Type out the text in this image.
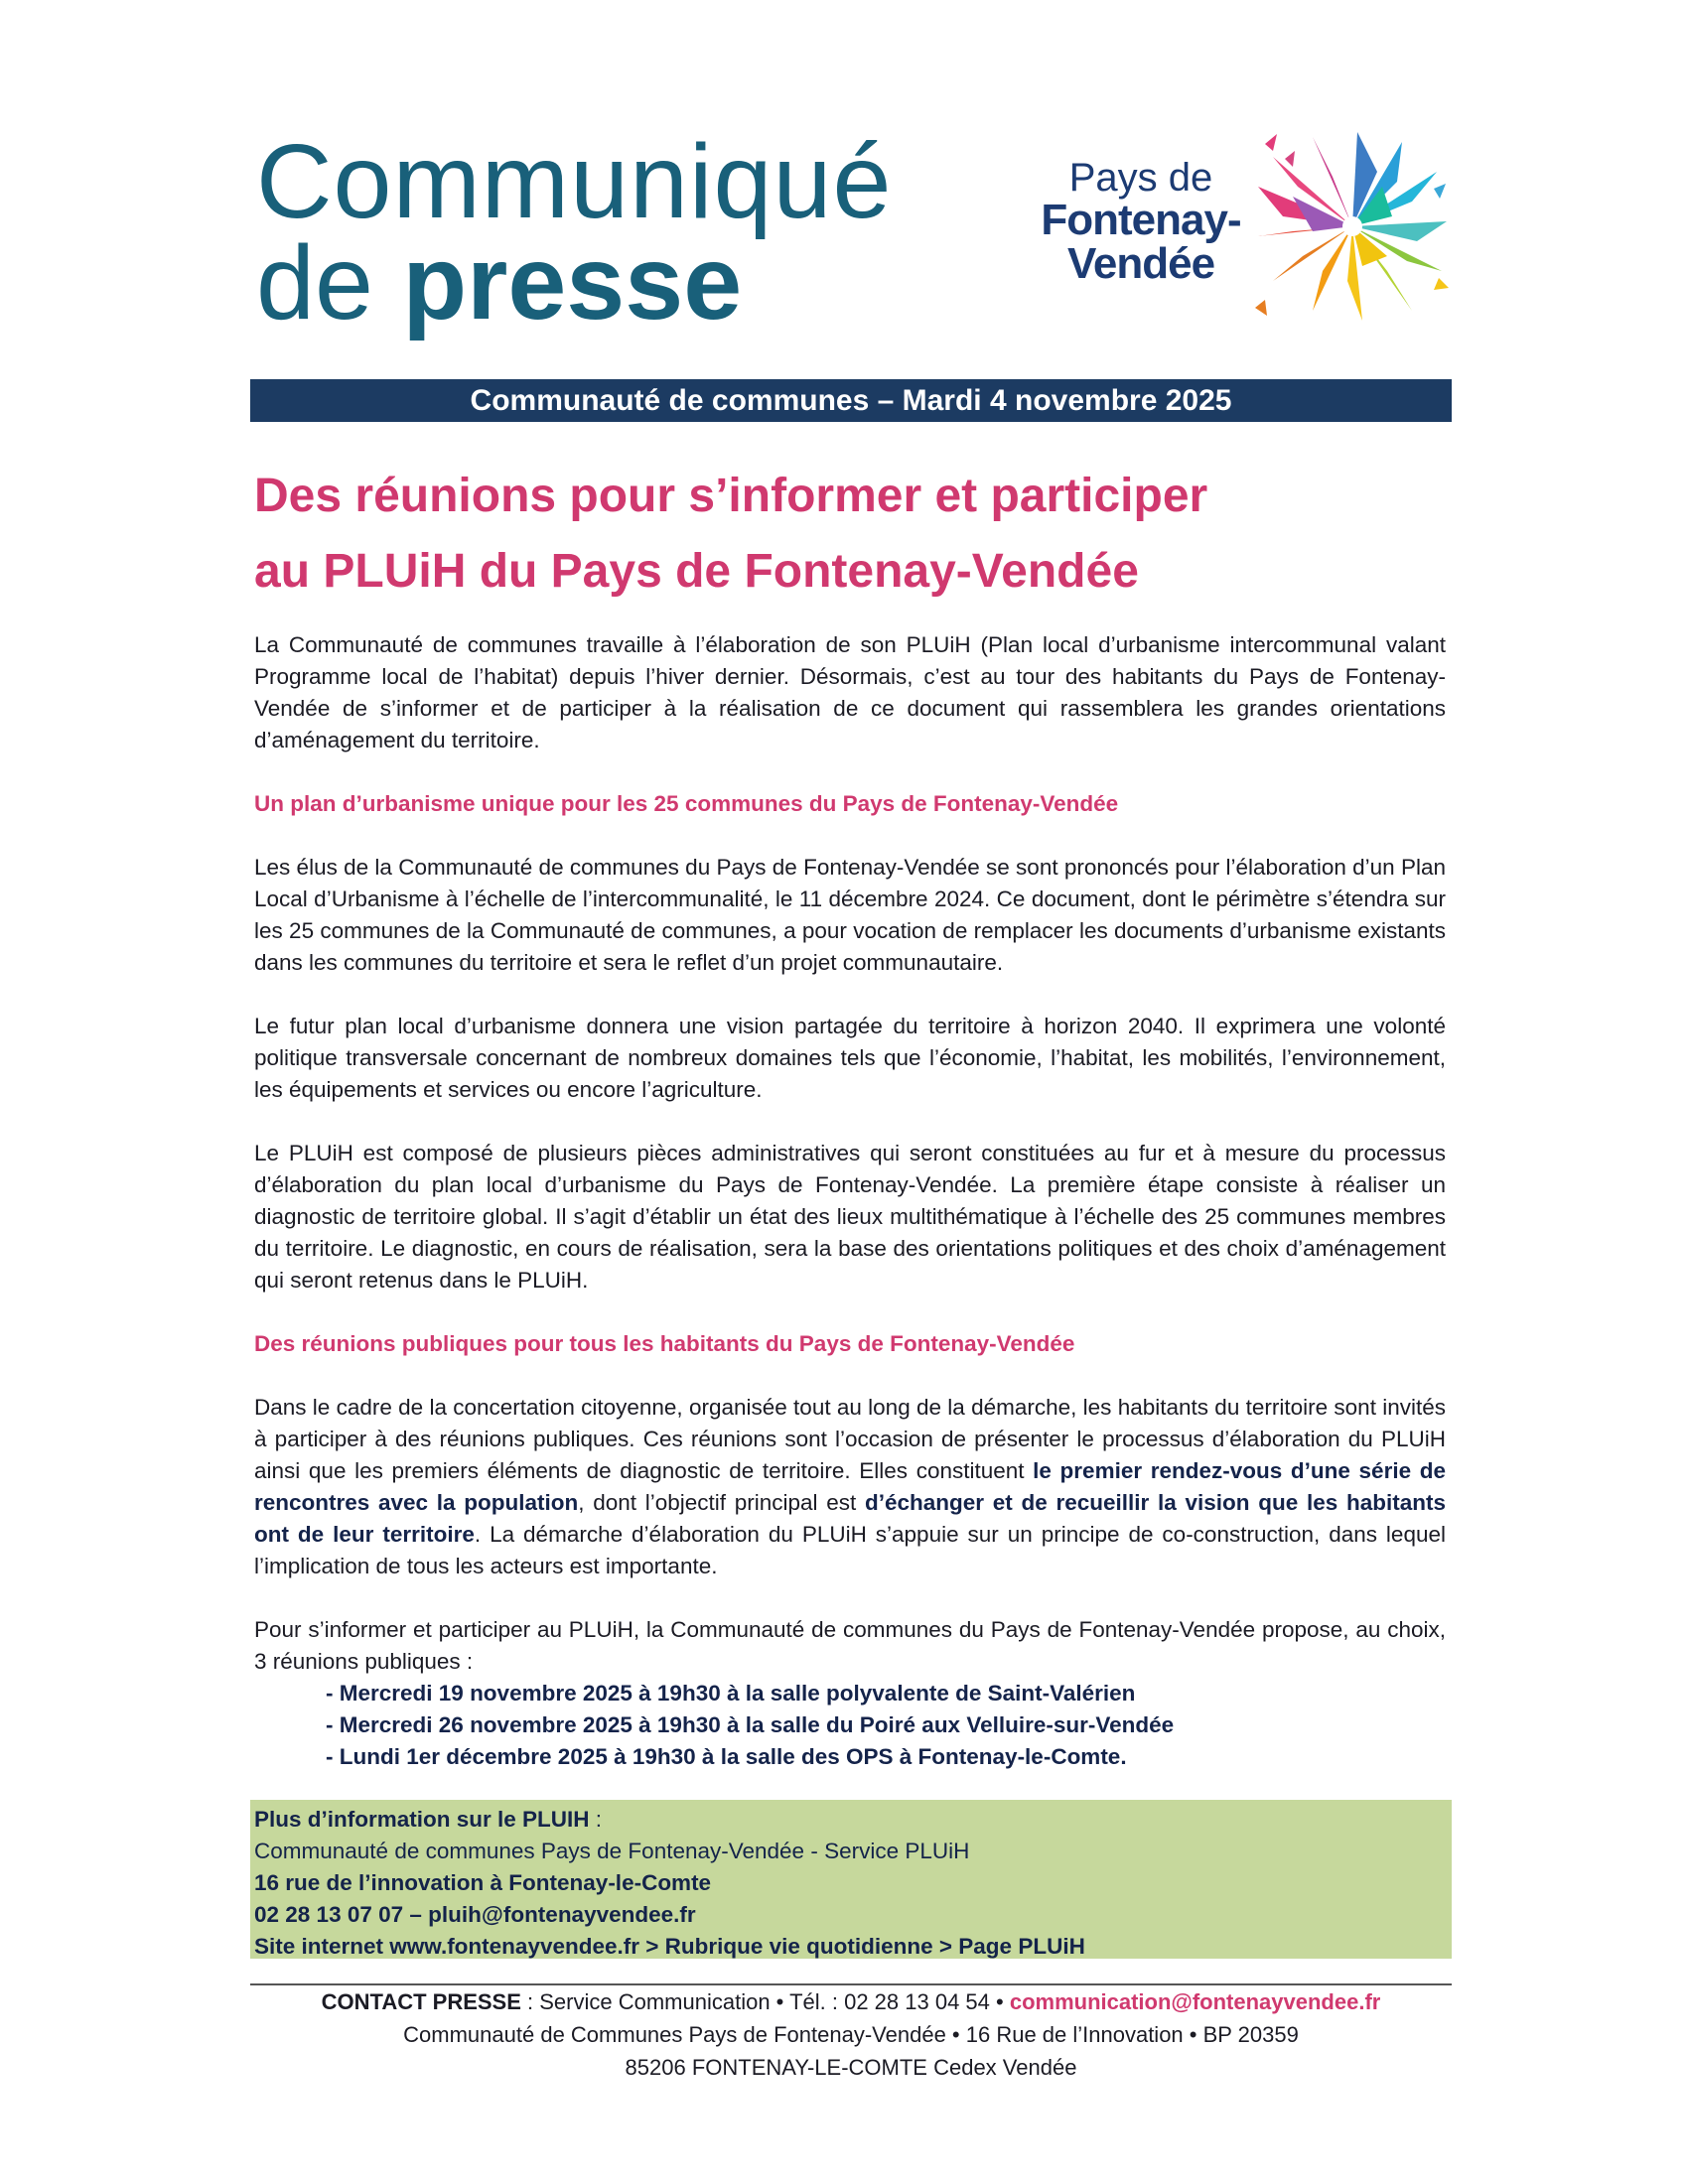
Communiqué
de presse
Pays de
Fontenay-
Vendée
Communauté de communes – Mardi 4 novembre 2025
Des réunions pour s’informer et participer
au PLUiH du Pays de Fontenay-Vendée

La Communauté de communes travaille à l’élaboration de son PLUiH (Plan local d’urbanisme intercommunal valant Programme local de l’habitat) depuis l’hiver dernier. Désormais, c’est au tour des habitants du Pays de Fontenay-Vendée de s’informer et de participer à la réalisation de ce document qui rassemblera les grandes orientations d’aménagement du territoire.

Un plan d’urbanisme unique pour les 25 communes du Pays de Fontenay-Vendée

Les élus de la Communauté de communes du Pays de Fontenay-Vendée se sont prononcés pour l’élaboration d’un Plan Local d’Urbanisme à l’échelle de l’intercommunalité, le 11 décembre 2024. Ce document, dont le périmètre s’étendra sur les 25 communes de la Communauté de communes, a pour vocation de remplacer les documents d’urbanisme existants dans les communes du territoire et sera le reflet d’un projet communautaire.

Le futur plan local d’urbanisme donnera une vision partagée du territoire à horizon 2040. Il exprimera une volonté politique transversale concernant de nombreux domaines tels que l’économie, l’habitat, les mobilités, l’environnement, les équipements et services ou encore l’agriculture.

Le PLUiH est composé de plusieurs pièces administratives qui seront constituées au fur et à mesure du processus d’élaboration du plan local d’urbanisme du Pays de Fontenay-Vendée. La première étape consiste à réaliser un diagnostic de territoire global. Il s’agit d’établir un état des lieux multithématique à l’échelle des 25 communes membres du territoire. Le diagnostic, en cours de réalisation, sera la base des orientations politiques et des choix d’aménagement qui seront retenus dans le PLUiH.

Des réunions publiques pour tous les habitants du Pays de Fontenay-Vendée

Dans le cadre de la concertation citoyenne, organisée tout au long de la démarche, les habitants du territoire sont invités à participer à des réunions publiques. Ces réunions sont l’occasion de présenter le processus d’élaboration du PLUiH ainsi que les premiers éléments de diagnostic de territoire. Elles constituent le premier rendez-vous d’une série de rencontres avec la population, dont l’objectif principal est d’échanger et de recueillir la vision que les habitants ont de leur territoire. La démarche d’élaboration du PLUiH s’appuie sur un principe de co-construction, dans lequel l’implication de tous les acteurs est importante.

Pour s’informer et participer au PLUiH, la Communauté de communes du Pays de Fontenay-Vendée propose, au choix, 3 réunions publiques :

- Mercredi 19 novembre 2025 à 19h30 à la salle polyvalente de Saint-Valérien
- Mercredi 26 novembre 2025 à 19h30 à la salle du Poiré aux Velluire-sur-Vendée
- Lundi 1er décembre 2025 à 19h30 à la salle des OPS à Fontenay-le-Comte.
Plus d’information sur le PLUIH :
Communauté de communes Pays de Fontenay-Vendée - Service PLUiH
16 rue de l’innovation à Fontenay-le-Comte
02 28 13 07 07 – pluih@fontenayvendee.fr
Site internet www.fontenayvendee.fr > Rubrique vie quotidienne > Page PLUiH
CONTACT PRESSE : Service Communication • Tél. : 02 28 13 04 54 • communication@fontenayvendee.fr
Communauté de Communes Pays de Fontenay-Vendée • 16 Rue de l’Innovation • BP 20359
85206 FONTENAY-LE-COMTE Cedex Vendée
